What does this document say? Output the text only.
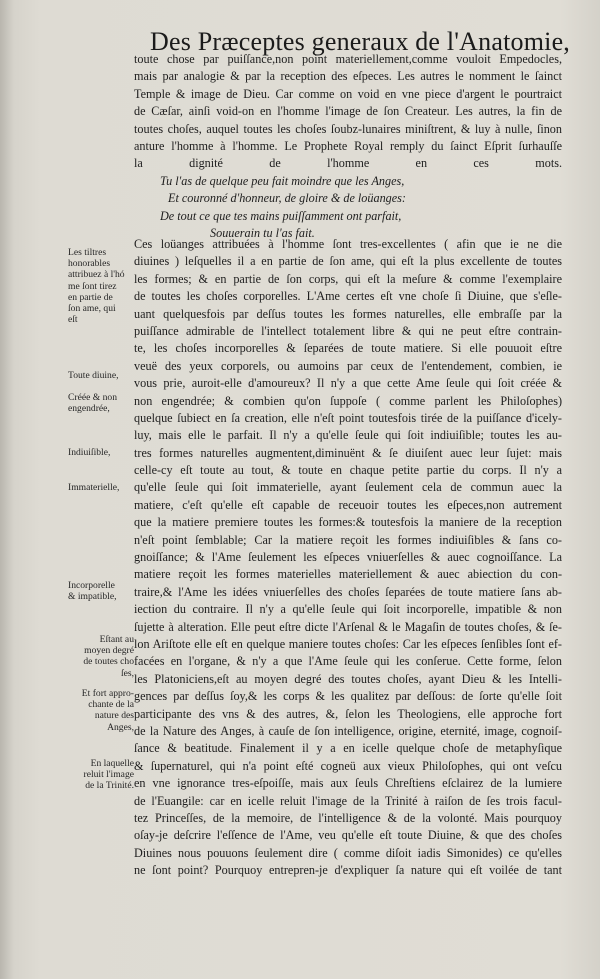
Des Præceptes generaux de l'Anatomie,
toute chose par puiſſance,non point materiellement,comme vouloit Empedocles,
mais par analogie & par la reception des eſpeces. Les autres le nomment le ſainct
Temple & image de Dieu. Car comme on void en vne piece d'argent le pourtraict
de Cæſar, ainſi void-on en l'homme l'image de ſon Createur. Les autres, la fin de
toutes choſes, auquel toutes les choſes ſoubz-lunaires miniſtrent, & luy à nulle, ſinon
anture l'homme à l'homme. Le Prophete Royal remply du ſainct Eſprit ſurhauſſe
la dignité de l'homme en ces mots.
Tu l'as de quelque peu fait moindre que les Anges,
Et couronné d'honneur, de gloire & de loüanges:
De tout ce que tes mains puiſſamment ont parfait,
Souuerain tu l'as fait.
Ces loüanges attribuées à l'homme ſont tres-excellentes ( afin que ie ne die
diuines ) leſquelles il a en partie de ſon ame, qui eſt la plus excellente de toutes
les formes; & en partie de ſon corps, qui eſt la meſure & comme l'exemplaire
de toutes les choſes corporelles. L'Ame certes eſt vne choſe ſi Diuine, que s'eſle-
uant quelquesfois par deſſus toutes les formes naturelles, elle embraſſe par la
puiſſance admirable de l'intellect totalement libre & qui ne peut eſtre contrain-
te, les choſes incorporelles & ſeparées de toute matiere. Si elle pouuoit eſtre
veuë des yeux corporels, ou aumoins par ceux de l'entendement, combien, ie
vous prie, auroit-elle d'amoureux? Il n'y a que cette Ame ſeule qui ſoit créée &
non engendrée; & combien qu'on ſuppoſe ( comme parlent les Philoſophes)
quelque ſubiect en ſa creation, elle n'eſt point toutesfois tirée de la puiſſance d'icely-
luy, mais elle le parfait. Il n'y a qu'elle ſeule qui ſoit indiuiſible; toutes les au-
tres formes naturelles augmentent,diminuënt & ſe diuiſent auec leur ſujet: mais
celle-cy eſt toute au tout, & toute en chaque petite partie du corps. Il n'y a
qu'elle ſeule qui ſoit immaterielle, ayant ſeulement cela de commun auec la
matiere, c'eſt qu'elle eſt capable de receuoir toutes les eſpeces,non autrement
que la matiere premiere toutes les formes:& toutesfois la maniere de la reception
n'eſt point ſemblable; Car la matiere reçoit les formes indiuiſibles & ſans co-
gnoiſſance; & l'Ame ſeulement les eſpeces vniuerſelles & auec cognoiſſance. La
matiere reçoit les formes materielles materiellement & auec abiection du con-
traire,& l'Ame les idées vniuerſelles des choſes ſeparées de toute matiere ſans ab-
iection du contraire. Il n'y a qu'elle ſeule qui ſoit incorporelle, impatible & non
ſujette à alteration. Elle peut eſtre dicte l'Arſenal & le Magaſin de toutes choſes, & ſe-
lon Ariſtote elle eſt en quelque maniere toutes choſes: Car les eſpeces ſenſibles ſont ef-
facées en l'organe, & n'y a que l'Ame ſeule qui les conſerue. Cette forme, ſelon
les Platoniciens,eſt au moyen degré des toutes choſes, ayant Dieu & les Intelli-
gences par deſſus ſoy,& les corps & les qualitez par deſſous: de ſorte qu'elle ſoit
participante des vns & des autres, &, ſelon les Theologiens, elle approche fort
de la Nature des Anges, à cauſe de ſon intelligence, origine, eternité, image, cognoiſ-
ſance & beatitude. Finalement il y a en icelle quelque choſe de metaphyſique
& ſupernaturel, qui n'a point eſté cogneü aux vieux Philoſophes, qui ont veſcu
en vne ignorance tres-eſpoiſſe, mais aux ſeuls Chreſtiens eſclairez de la lumiere
de l'Euangile: car en icelle reluit l'image de la Trinité à raiſon de ſes trois facul-
tez Princeſſes, de la memoire, de l'intelligence & de la volonté. Mais pourquoy
oſay-je deſcrire l'eſſence de l'Ame, veu qu'elle eſt toute Diuine, & que des choſes
Diuines nous pouuons ſeulement dire ( comme diſoit iadis Simonides) ce qu'elles
ne ſont point? Pourquoy entrepren-je d'expliquer ſa nature qui eſt voilée de tant
Les tiltres
honorables
attribuez à l'hó
me ſont tirez
en partie de
ſon ame, qui
eſt
Toute diuine,
Créée & non
engendrée,
Indiuiſible,
Immaterielle,
Incorporelle
& impatible,
Eſtant au
moyen degré
de toutes cho
ſes,
Et fort appro-
chante de la
nature des
Anges,
En laquelle
reluit l'image
de la Trinité.
